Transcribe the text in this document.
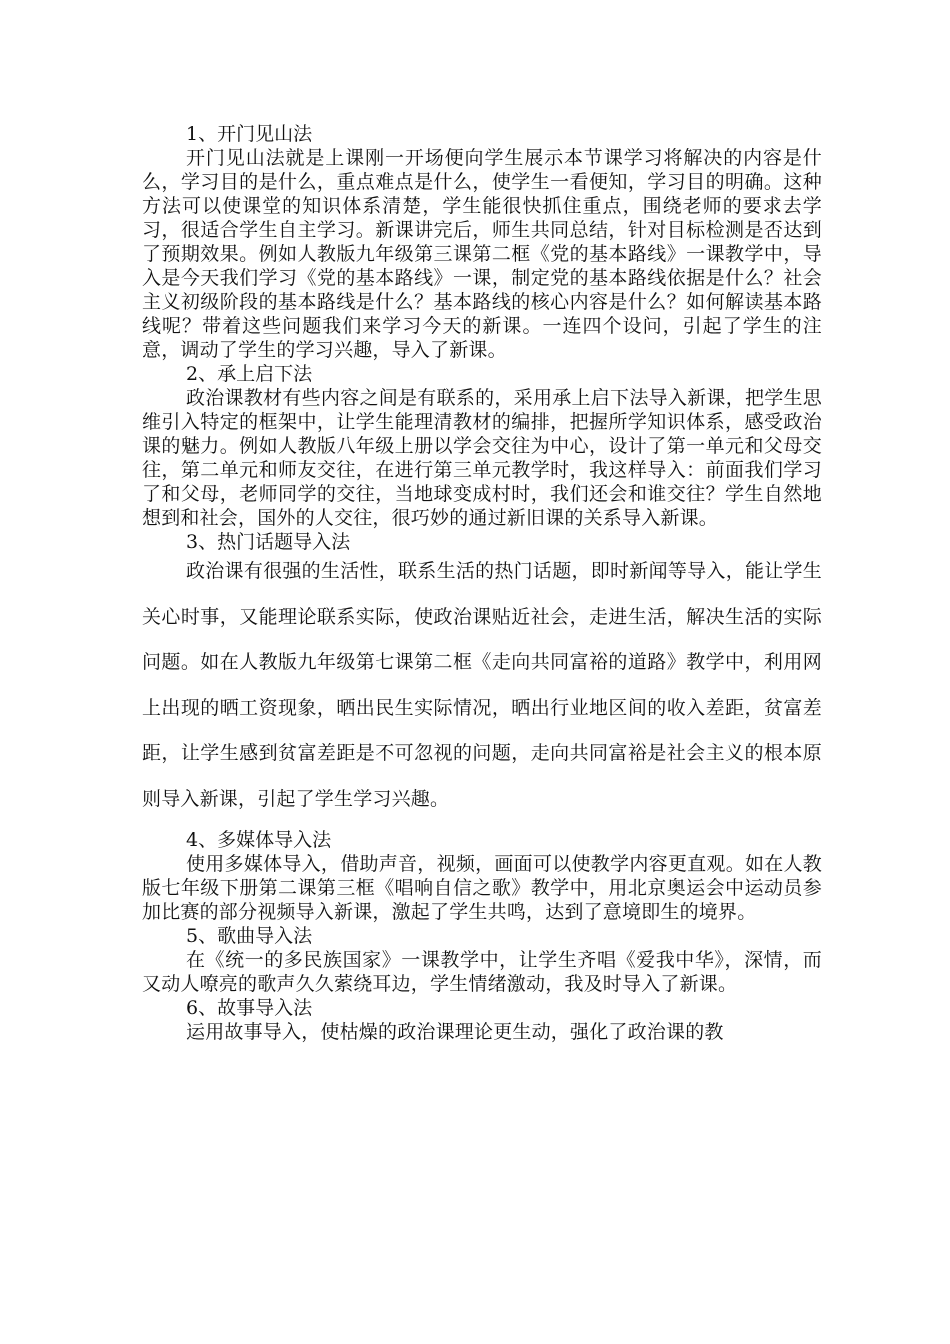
1、开门见山法

开门见山法就是上课刚一开场便向学生展示本节课学习将解决的内容是什么，学习目的是什么，重点难点是什么，使学生一看便知，学习目的明确。这种方法可以使课堂的知识体系清楚，学生能很快抓住重点，围绕老师的要求去学习，很适合学生自主学习。新课讲完后，师生共同总结，针对目标检测是否达到了预期效果。例如人教版九年级第三课第二框《党的基本路线》一课教学中，导入是今天我们学习《党的基本路线》一课，制定党的基本路线依据是什么？社会主义初级阶段的基本路线是什么？基本路线的核心内容是什么？如何解读基本路线呢？带着这些问题我们来学习今天的新课。一连四个设问，引起了学生的注意，调动了学生的学习兴趣，导入了新课。

2、承上启下法

政治课教材有些内容之间是有联系的，采用承上启下法导入新课，把学生思维引入特定的框架中，让学生能理清教材的编排，把握所学知识体系，感受政治课的魅力。例如人教版八年级上册以学会交往为中心，设计了第一单元和父母交往，第二单元和师友交往，在进行第三单元教学时，我这样导入：前面我们学习了和父母，老师同学的交往，当地球变成村时，我们还会和谁交往？学生自然地想到和社会，国外的人交往，很巧妙的通过新旧课的关系导入新课。

3、热门话题导入法

政治课有很强的生活性，联系生活的热门话题，即时新闻等导入，能让学生关心时事，又能理论联系实际，使政治课贴近社会，走进生活，解决生活的实际问题。如在人教版九年级第七课第二框《走向共同富裕的道路》教学中，利用网上出现的晒工资现象，晒出民生实际情况，晒出行业地区间的收入差距，贫富差距，让学生感到贫富差距是不可忽视的问题，走向共同富裕是社会主义的根本原则导入新课，引起了学生学习兴趣。

4、多媒体导入法

使用多媒体导入，借助声音，视频，画面可以使教学内容更直观。如在人教版七年级下册第二课第三框《唱响自信之歌》教学中，用北京奥运会中运动员参加比赛的部分视频导入新课，激起了学生共鸣，达到了意境即生的境界。

5、歌曲导入法

在《统一的多民族国家》一课教学中，让学生齐唱《爱我中华》，深情，而又动人嘹亮的歌声久久萦绕耳边，学生情绪激动，我及时导入了新课。

6、故事导入法

运用故事导入，使枯燥的政治课理论更生动，强化了政治课的教
